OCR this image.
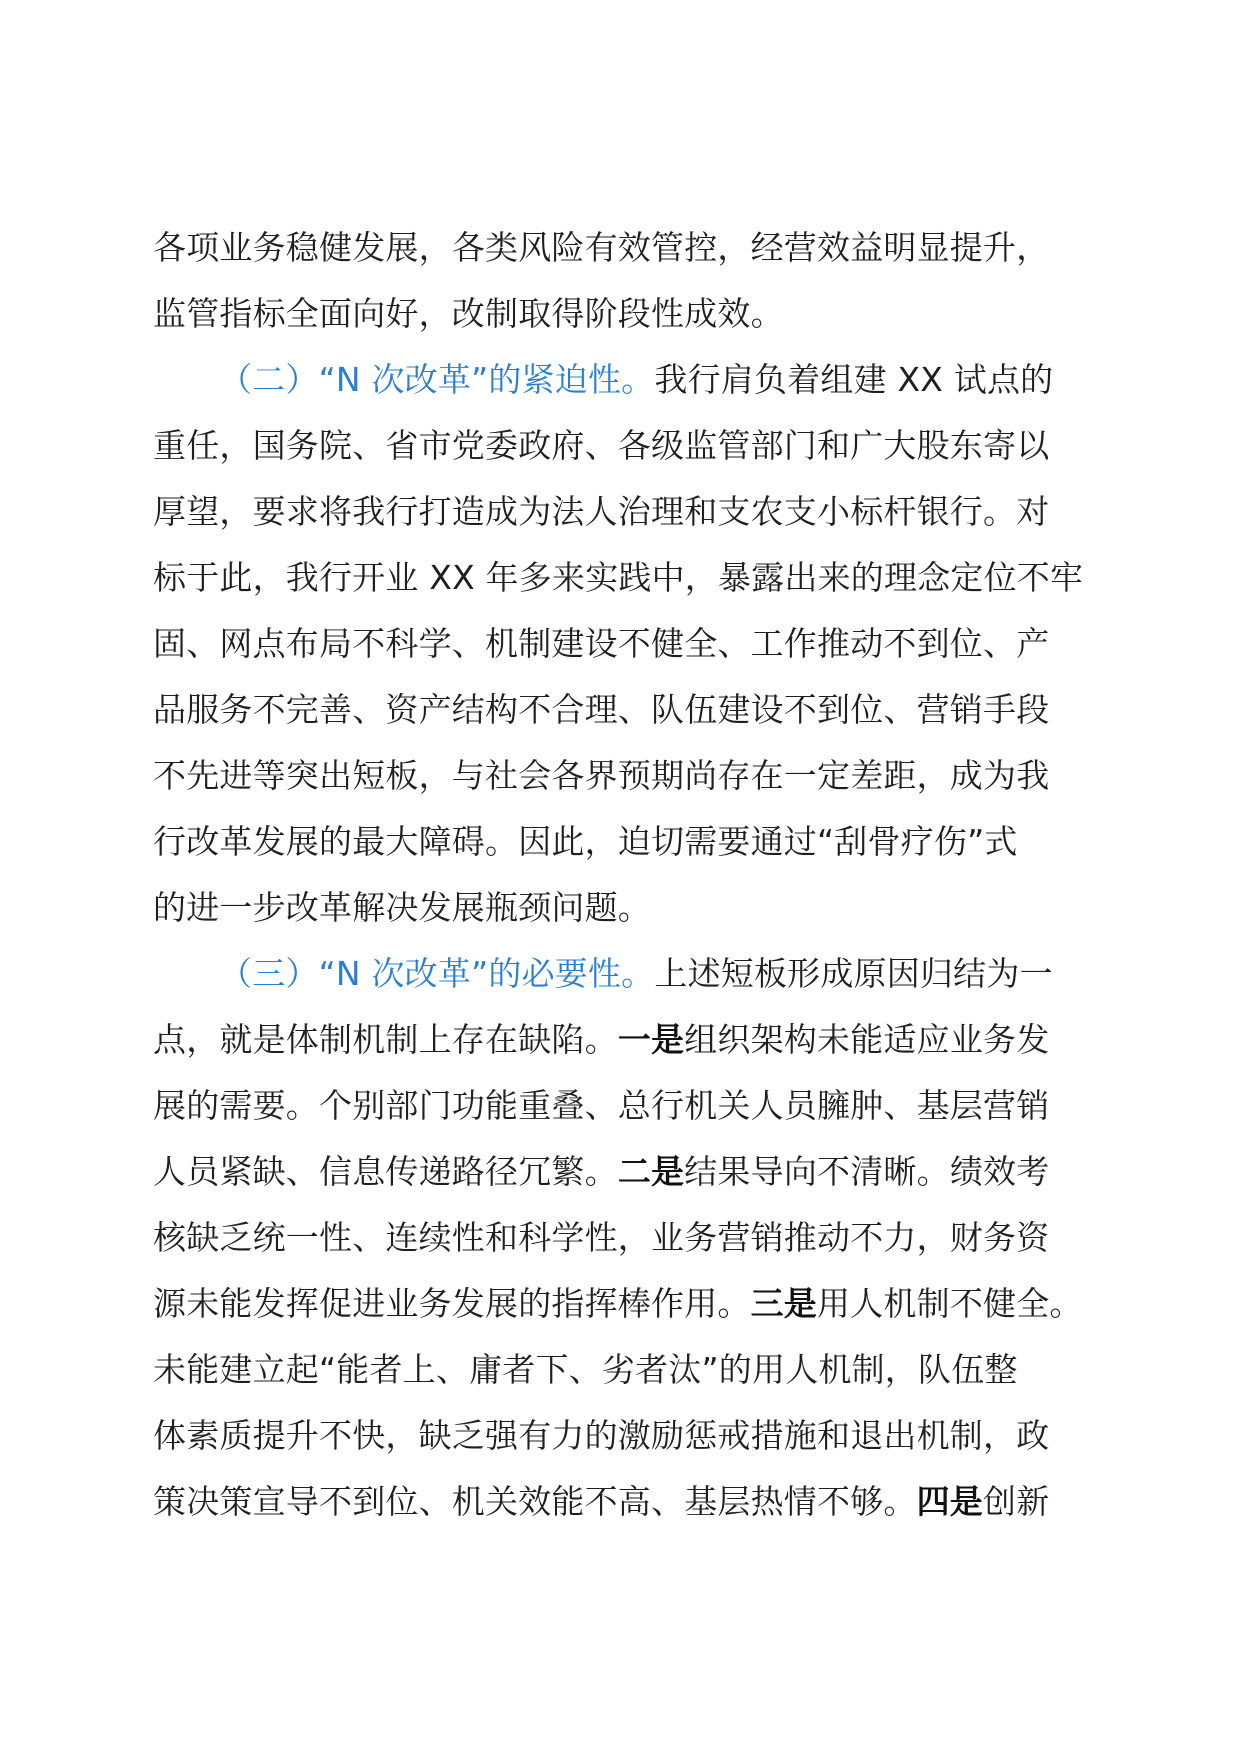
各项业务稳健发展，各类风险有效管控，经营效益明显提升，
监管指标全面向好，改制取得阶段性成效。
（二）“N 次改革”的紧迫性。我行肩负着组建 XX 试点的
重任，国务院、省市党委政府、各级监管部门和广大股东寄以
厚望，要求将我行打造成为法人治理和支农支小标杆银行。对
标于此，我行开业 XX 年多来实践中，暴露出来的理念定位不牢
固、网点布局不科学、机制建设不健全、工作推动不到位、产
品服务不完善、资产结构不合理、队伍建设不到位、营销手段
不先进等突出短板，与社会各界预期尚存在一定差距，成为我
行改革发展的最大障碍。因此，迫切需要通过“刮骨疗伤”式
的进一步改革解决发展瓶颈问题。
（三）“N 次改革”的必要性。上述短板形成原因归结为一
点，就是体制机制上存在缺陷。一是组织架构未能适应业务发
展的需要。个别部门功能重叠、总行机关人员臃肿、基层营销
人员紧缺、信息传递路径冗繁。二是结果导向不清晰。绩效考
核缺乏统一性、连续性和科学性，业务营销推动不力，财务资
源未能发挥促进业务发展的指挥棒作用。三是用人机制不健全。
未能建立起“能者上、庸者下、劣者汰”的用人机制，队伍整
体素质提升不快，缺乏强有力的激励惩戒措施和退出机制，政
策决策宣导不到位、机关效能不高、基层热情不够。四是创新
